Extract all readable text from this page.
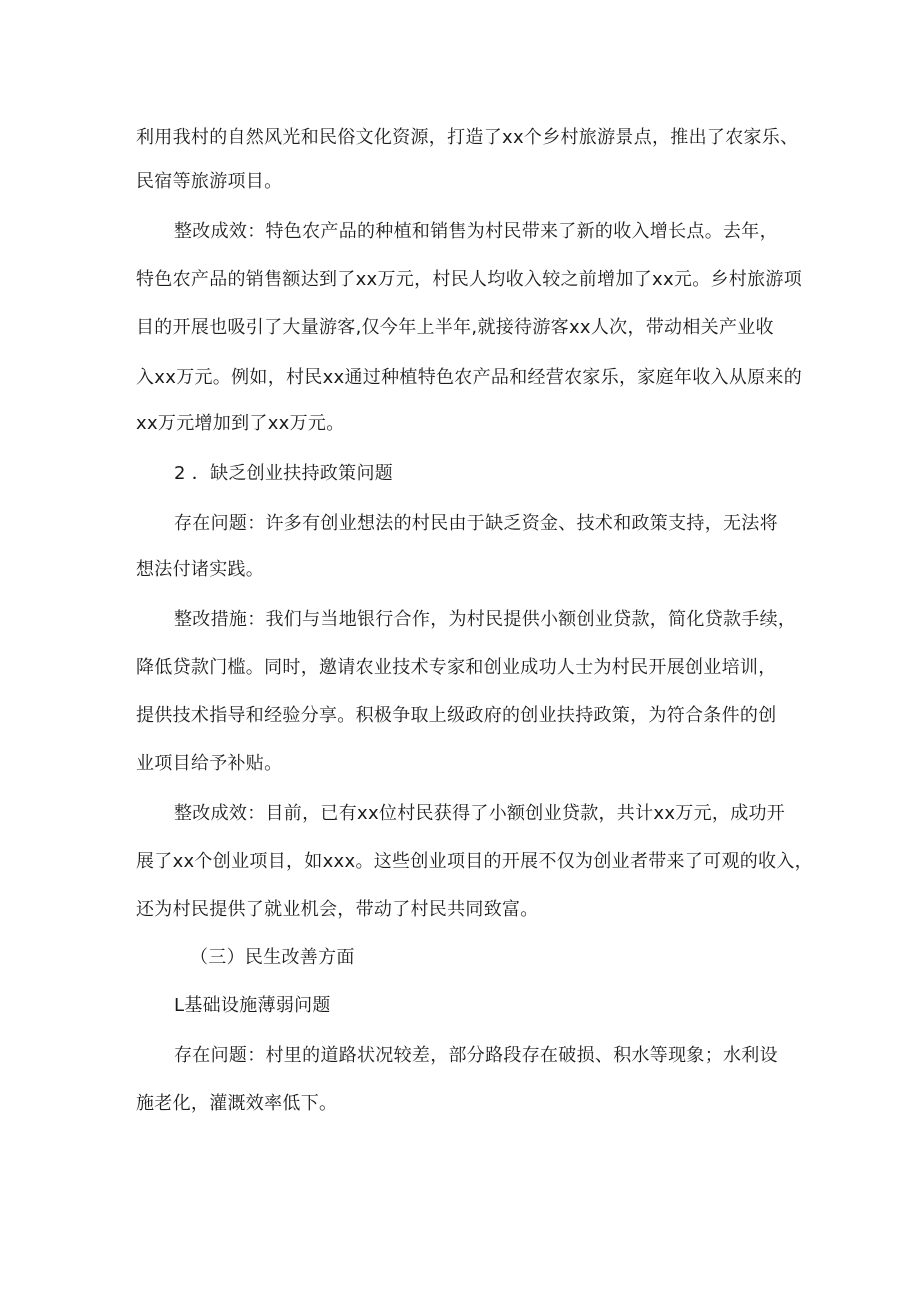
利用我村的自然风光和民俗文化资源，打造了xx个乡村旅游景点，推出了农家乐、
民宿等旅游项目。
整改成效：特色农产品的种植和销售为村民带来了新的收入增长点。去年，
特色农产品的销售额达到了xx万元，村民人均收入较之前增加了xx元。乡村旅游项
目的开展也吸引了大量游客,仅今年上半年,就接待游客xx人次，带动相关产业收
入xx万元。例如，村民xx通过种植特色农产品和经营农家乐，家庭年收入从原来的
xx万元增加到了xx万元。
2 ．缺乏创业扶持政策问题
存在问题：许多有创业想法的村民由于缺乏资金、技术和政策支持，无法将
想法付诸实践。
整改措施：我们与当地银行合作，为村民提供小额创业贷款，简化贷款手续，
降低贷款门槛。同时，邀请农业技术专家和创业成功人士为村民开展创业培训，
提供技术指导和经验分享。积极争取上级政府的创业扶持政策，为符合条件的创
业项目给予补贴。
整改成效：目前，已有xx位村民获得了小额创业贷款，共计xx万元，成功开
展了xx个创业项目，如xxx。这些创业项目的开展不仅为创业者带来了可观的收入，
还为村民提供了就业机会，带动了村民共同致富。
（三）民生改善方面
L基础设施薄弱问题
存在问题：村里的道路状况较差，部分路段存在破损、积水等现象；水利设
施老化，灌溉效率低下。
